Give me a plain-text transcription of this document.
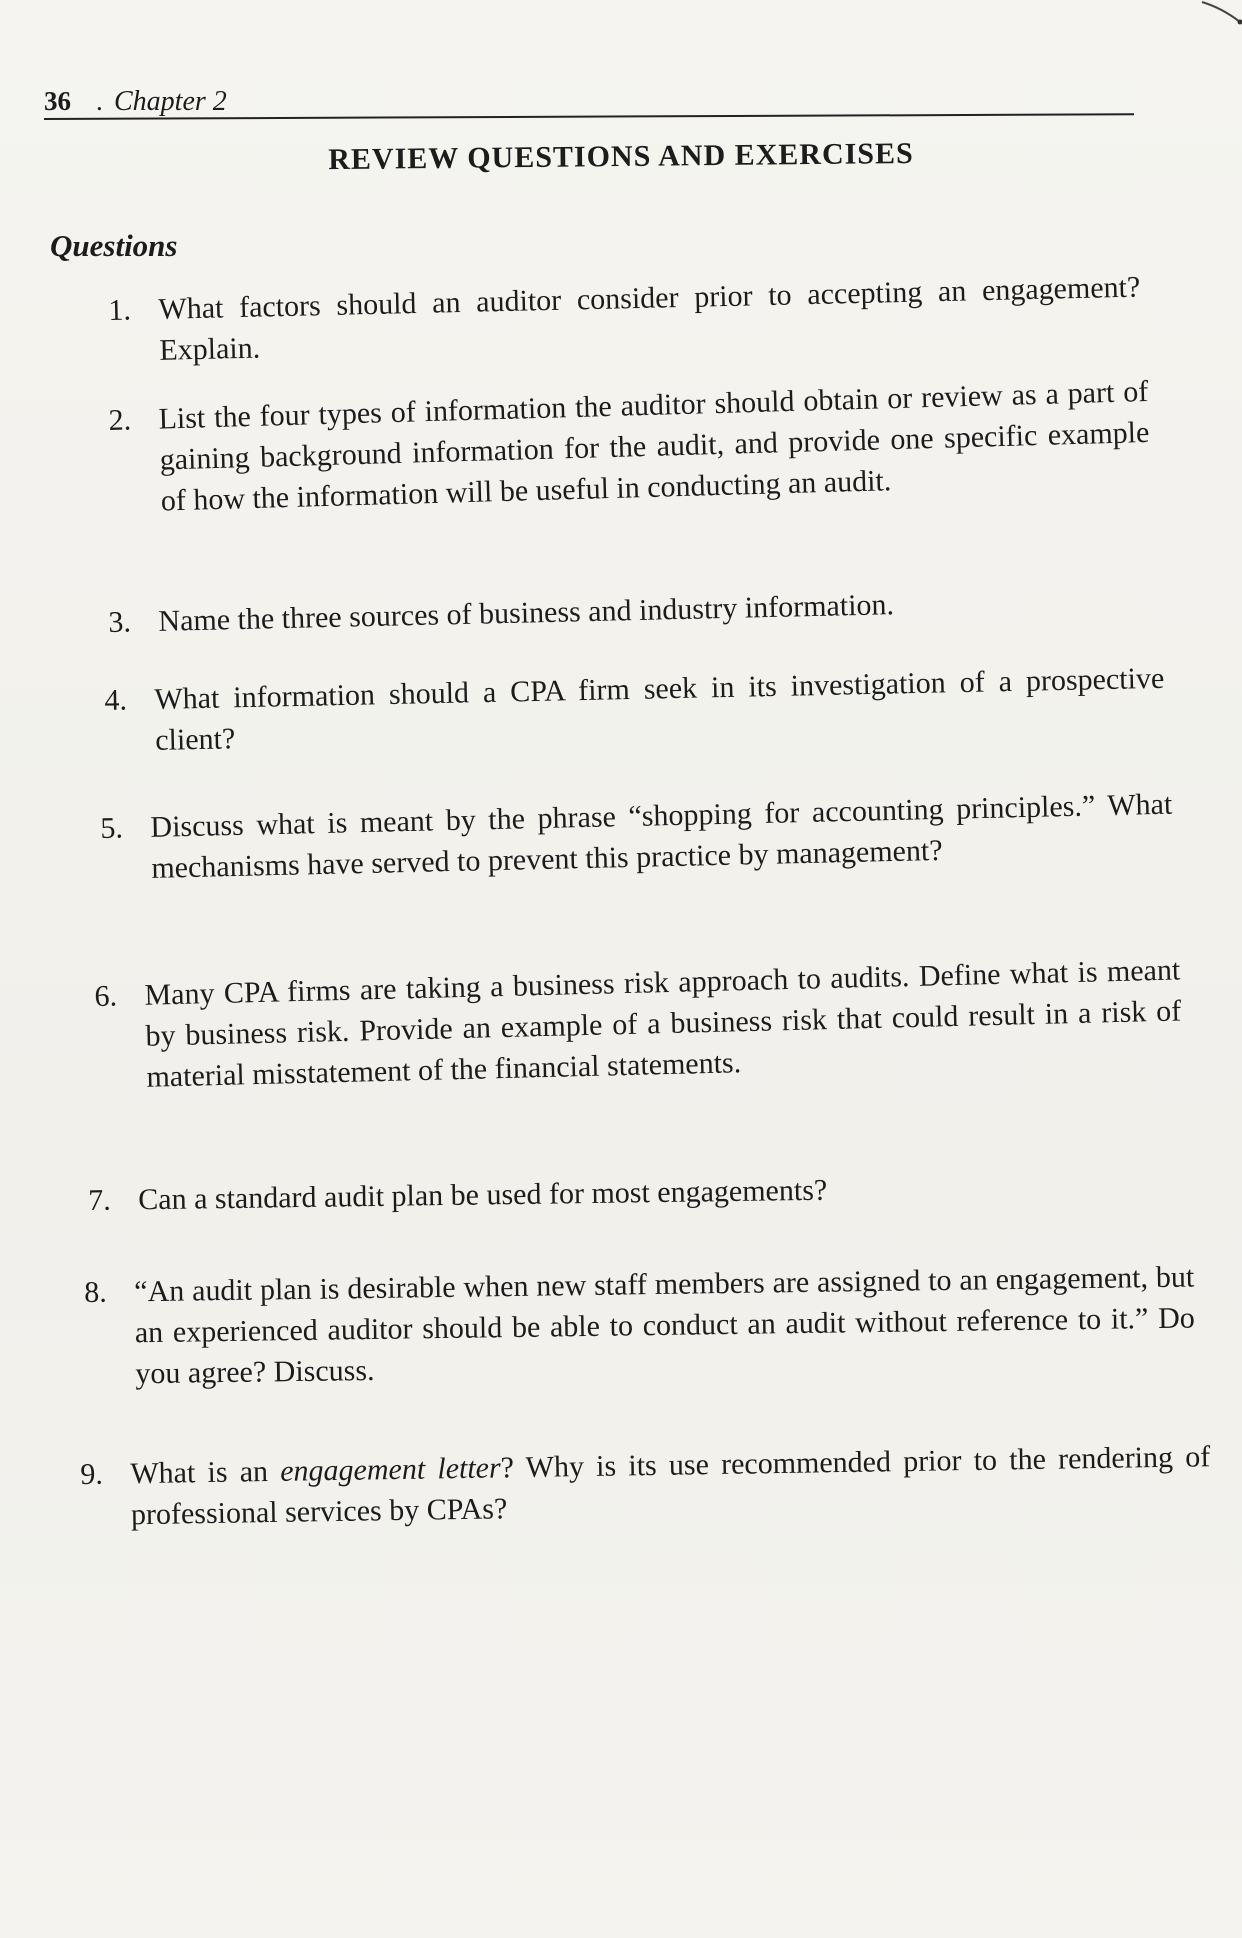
36 . Chapter 2
REVIEW QUESTIONS AND EXERCISES
Questions
1. What factors should an auditor consider prior to accepting an engagement? Explain.
2. List the four types of information the auditor should obtain or review as a part of gaining background information for the audit, and provide one specific example of how the information will be useful in conducting an audit.
3. Name the three sources of business and industry information.
4. What information should a CPA firm seek in its investigation of a prospective client?
5. Discuss what is meant by the phrase “shopping for accounting principles.” What mechanisms have served to prevent this practice by management?
6. Many CPA firms are taking a business risk approach to audits. Define what is meant by business risk. Provide an example of a business risk that could result in a risk of material misstatement of the financial statements.
7. Can a standard audit plan be used for most engagements?
8. “An audit plan is desirable when new staff members are assigned to an engagement, but an experienced auditor should be able to conduct an audit without reference to it.” Do you agree? Discuss.
9. What is an engagement letter? Why is its use recommended prior to the rendering of professional services by CPAs?
